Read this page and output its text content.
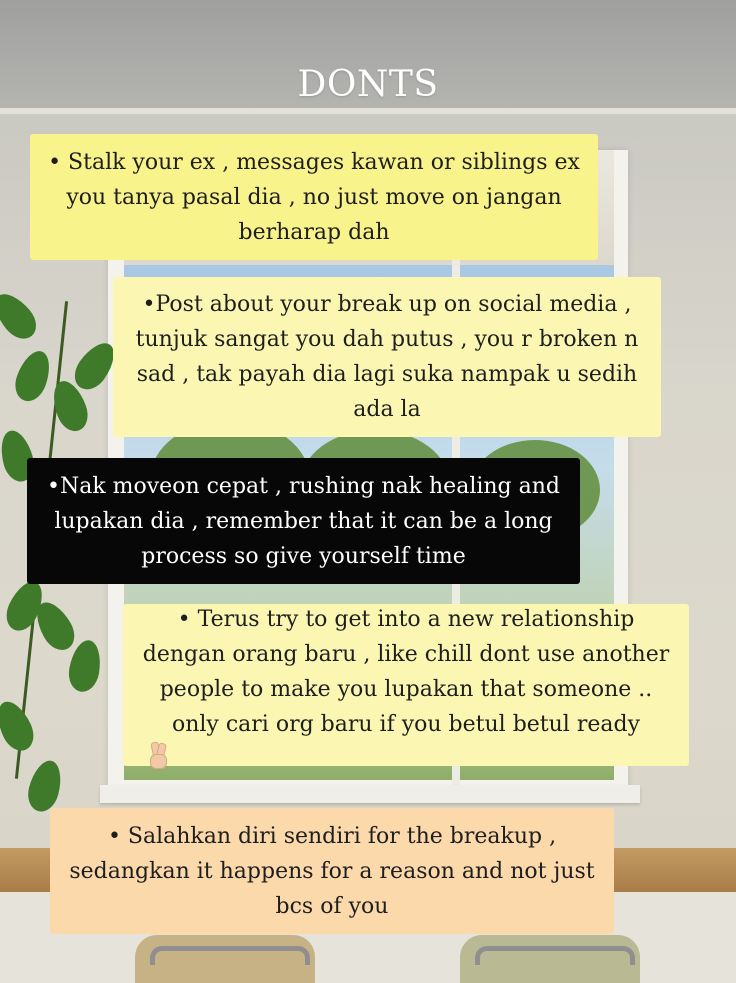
DONTS
• Stalk your ex , messages kawan or siblings ex
you tanya pasal dia , no just move on jangan
berharap dah
•Post about your break up on social media ,
tunjuk sangat you dah putus , you r broken n
sad , tak payah dia lagi suka nampak u sedih
ada la
•Nak moveon cepat , rushing nak healing and
lupakan dia , remember that it can be a long
process so give yourself time
• Terus try to get into a new relationship
dengan orang baru , like chill dont use another
people to make you lupakan that someone ..
only cari org baru if you betul betul ready
• Salahkan diri sendiri for the breakup ,
sedangkan it happens for a reason and not just
bcs of you
